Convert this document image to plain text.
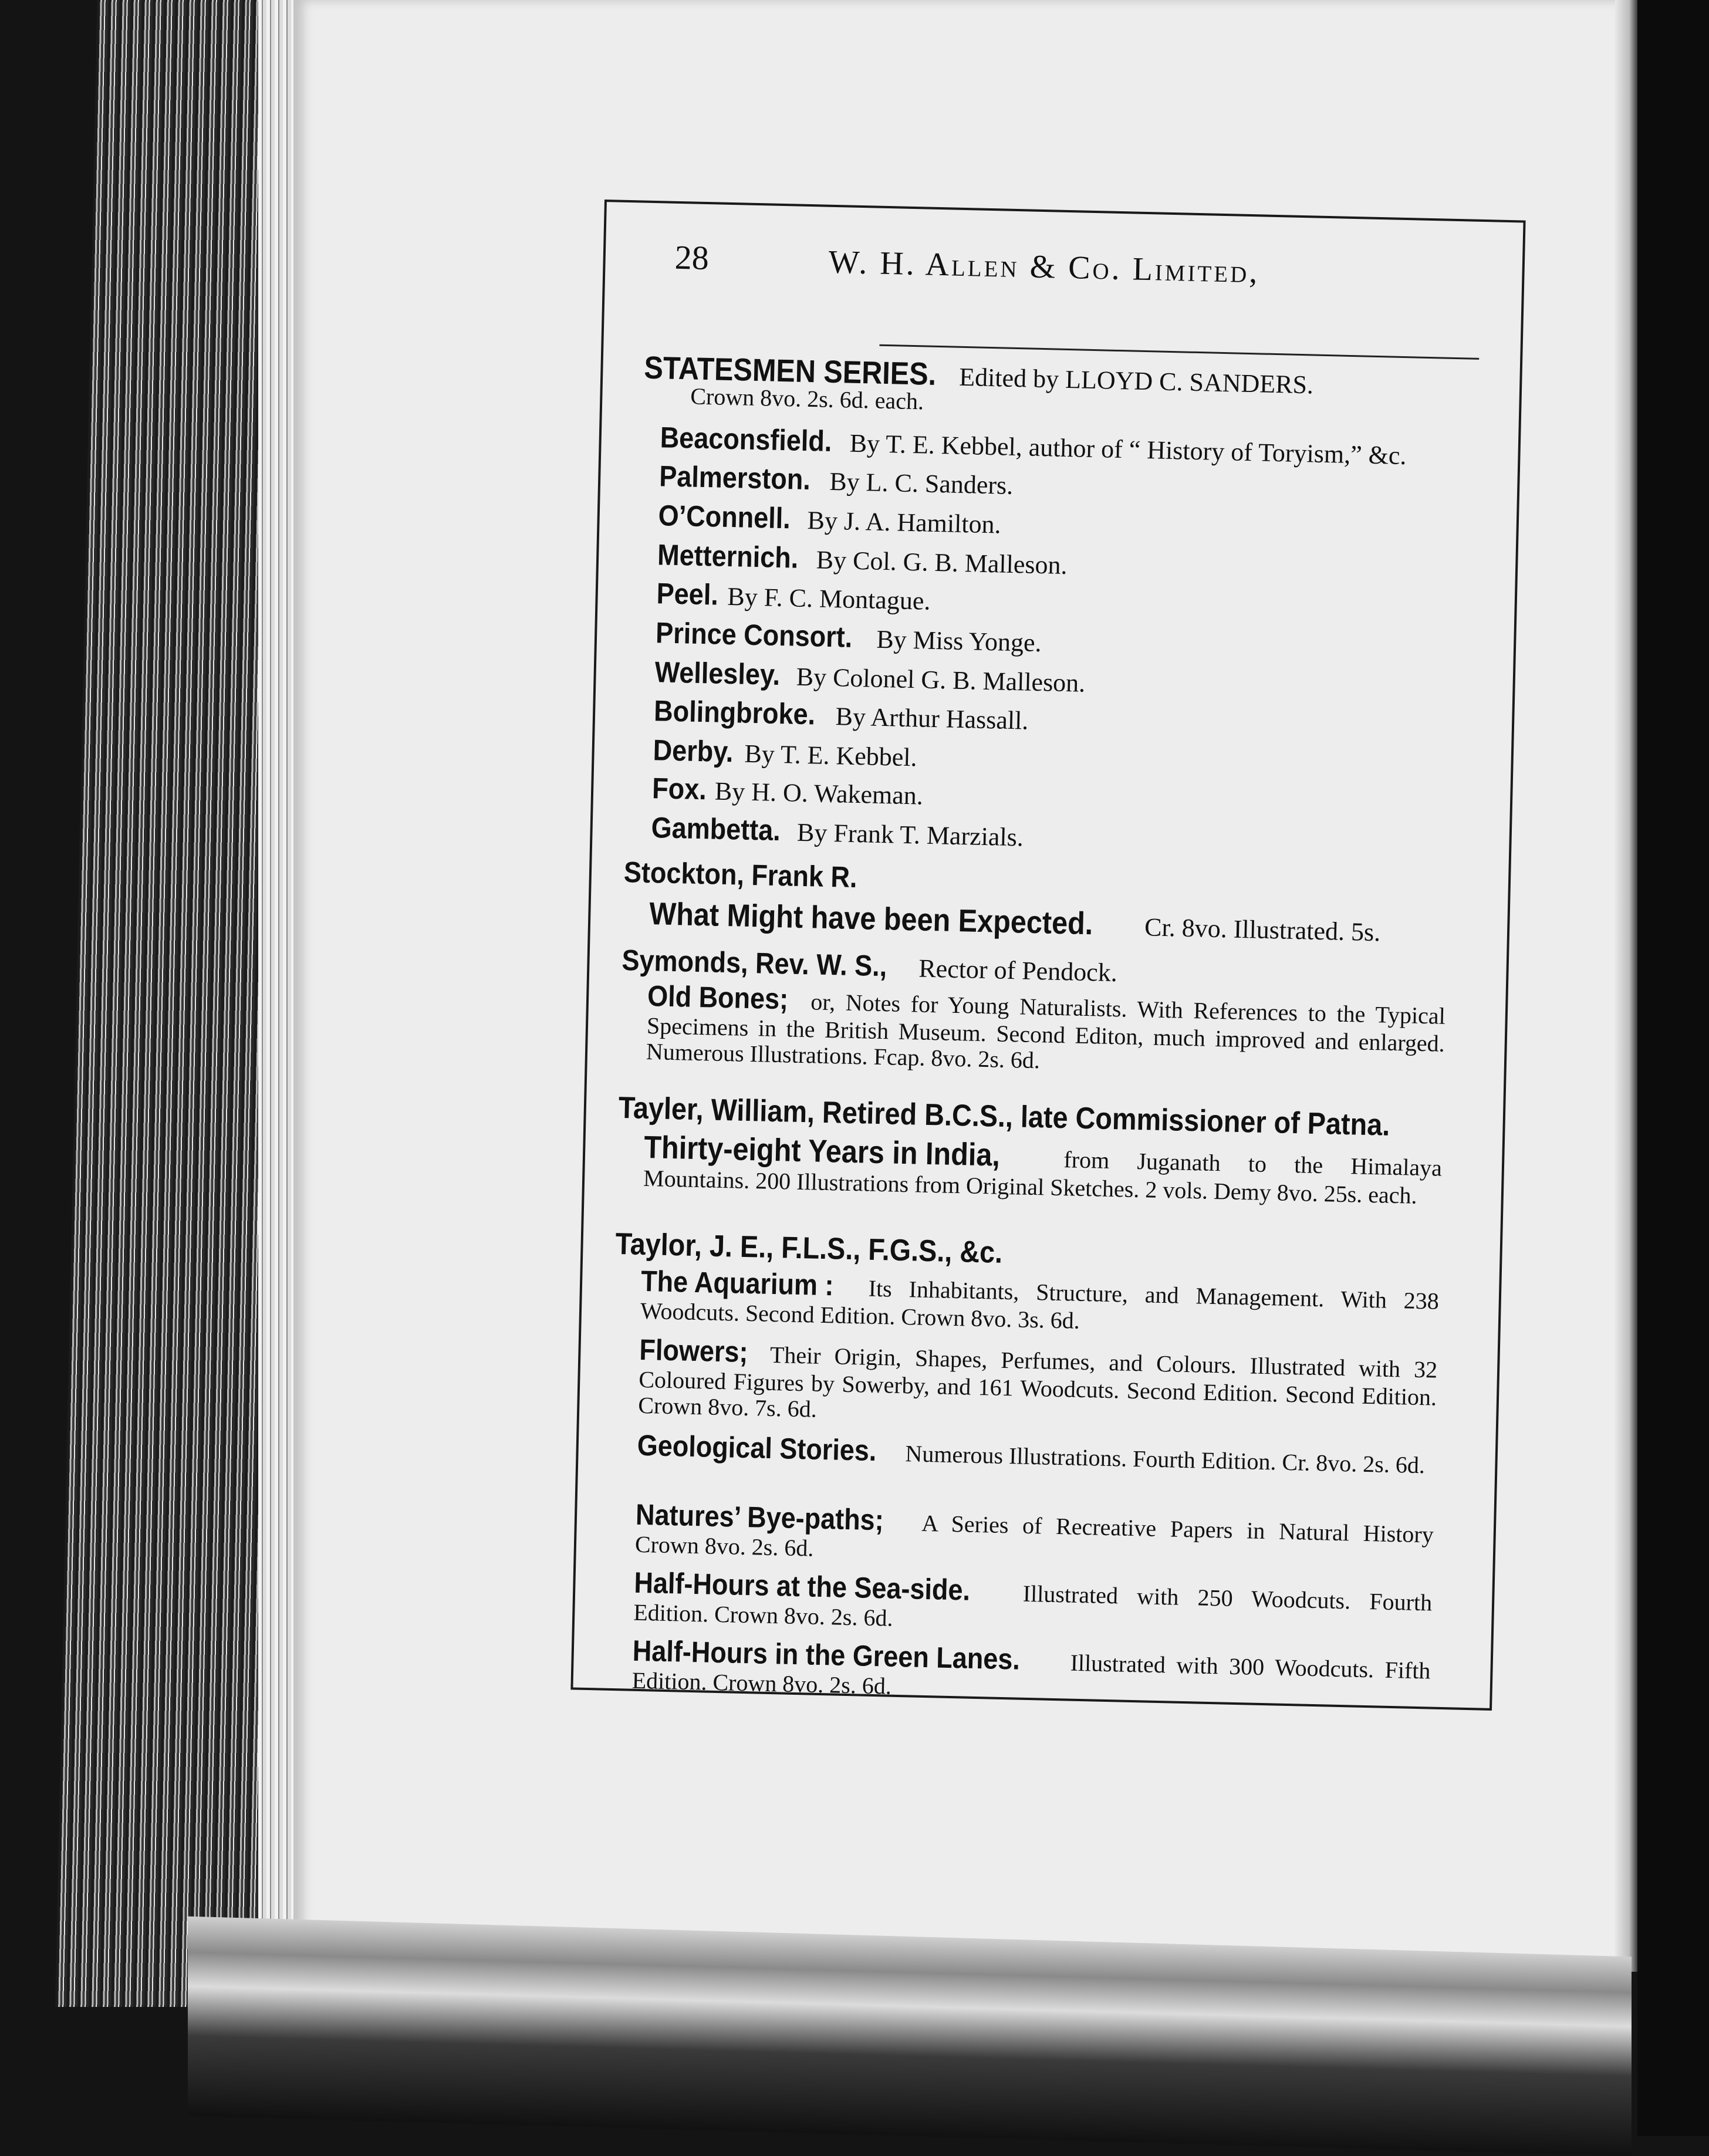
28	W. H. Allen & Co. Limited,
STATESMEN SERIES. Edited by LLOYD C. SANDERS.
Crown 8vo. 2s. 6d. each.
Beaconsfield. By T. E. Kebbel, author of “ History of Toryism,” &c.
Palmerston. By L. C. Sanders.
O’Connell. By J. A. Hamilton.
Metternich. By Col. G. B. Malleson.
Peel. By F. C. Montague.
Prince Consort. By Miss Yonge.
Wellesley. By Colonel G. B. Malleson.
Bolingbroke. By Arthur Hassall.
Derby. By T. E. Kebbel.
Fox. By H. O. Wakeman.
Gambetta. By Frank T. Marzials.
Stockton, Frank R.
What Might have been Expected. Cr. 8vo. Illustrated. 5s.
Symonds, Rev. W. S., Rector of Pendock.
Old Bones; or, Notes for Young Naturalists. With References to the Typical Specimens in the British Museum. Second Editon, much improved and enlarged. Numerous Illustrations. Fcap. 8vo. 2s. 6d.
Tayler, William, Retired B.C.S., late Commissioner of Patna.
Thirty-eight Years in India,	from Juganath to the Himalaya Mountains. 200 Illustrations from Original Sketches. 2 vols. Demy 8vo. 25s. each.
Taylor, J. E., F.L.S., F.G.S., &c.
The Aquarium : Its Inhabitants, Structure, and Management. With 238 Woodcuts. Second Edition. Crown 8vo. 3s. 6d.
Flowers; Their Origin, Shapes, Perfumes, and Colours. Illustrated with 32 Coloured Figures by Sowerby, and 161 Woodcuts. Second Edition. Second Edition. Crown 8vo. 7s. 6d.
Geological Stories. Numerous Illustrations. Fourth Edition. Cr. 8vo. 2s. 6d.
Natures’ Bye-paths; A Series of Recreative Papers in Natural History Crown 8vo. 2s. 6d.
Half-Hours at the Sea-side. Illustrated with 250 Woodcuts. Fourth Edition. Crown 8vo. 2s. 6d.
Half-Hours in the Green Lanes. Illustrated with 300 Woodcuts. Fifth Edition. Crown 8vo. 2s. 6d.
